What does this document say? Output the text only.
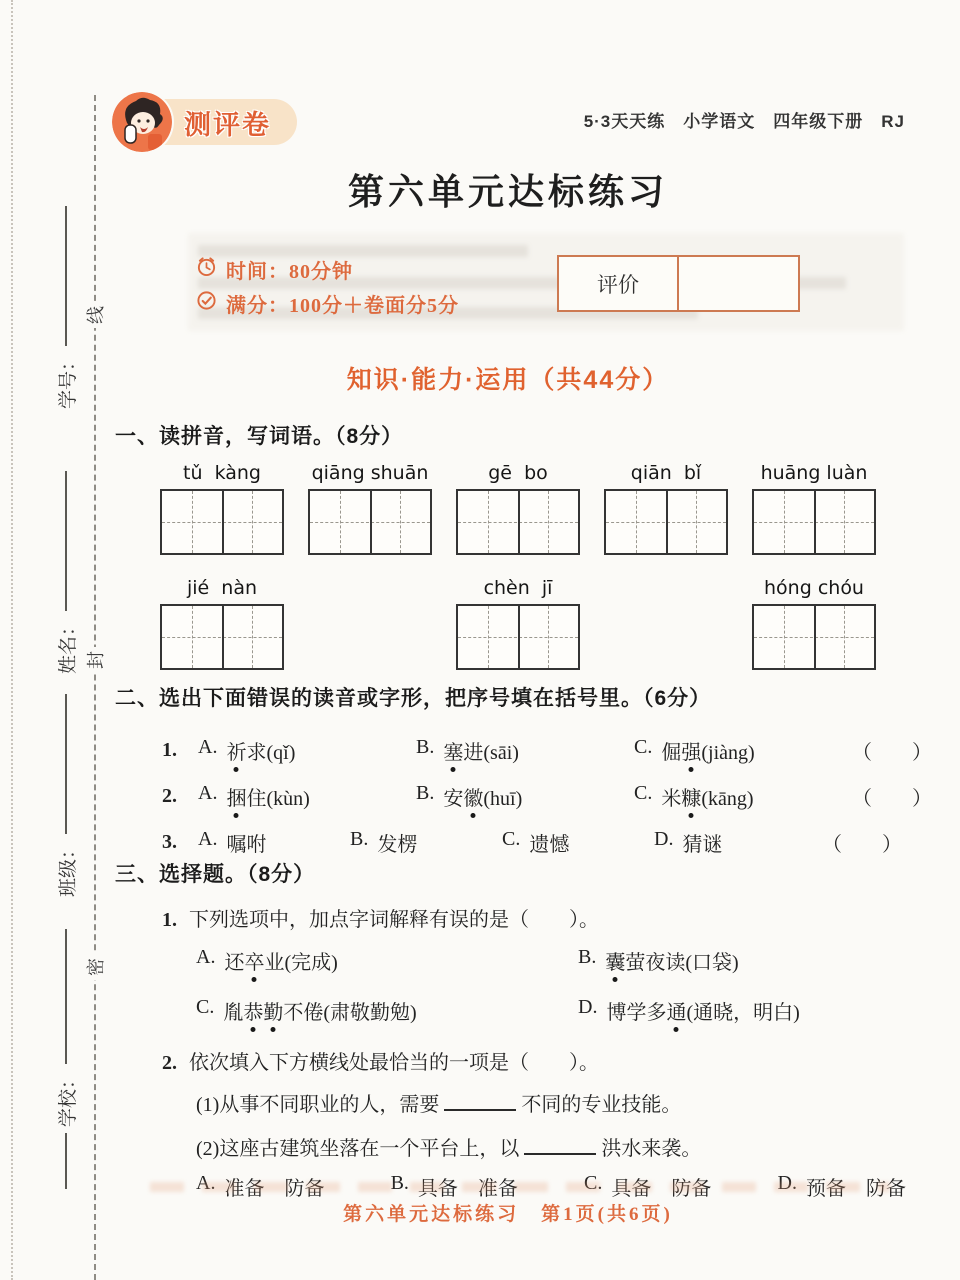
线
封
密
学号：
姓名：
班级：
学校：
测评卷	5·3天天练　小学语文　四年级下册　RJ
第六单元达标练习
时间：80分钟
满分：100分＋卷面分5分
评价
知识·能力·运用（共44分）
一、读拼音，写词语。（8分）
tǔ  kàng	qiāng shuān	gē  bo	qiān  bǐ	huāng luàn
jié  nàn	chèn  jī	hóng chóu
二、选出下面错误的读音或字形，把序号填在括号里。（6分）
1.	A. 祈求(qǐ)	B. 塞进(sāi)	C. 倔强(jiàng)	（　　）
2.	A. 捆住(kùn)	B. 安徽(huī)	C. 米糠(kāng)	（　　）
3.	A. 嘱咐	B. 发楞	C. 遗憾	D. 猜谜	（　　）
三、选择题。（8分）
1. 下列选项中，加点字词解释有误的是（　　）。
A. 还卒业(完成)	B. 囊萤夜读(口袋)
C. 胤恭勤不倦(肃敬勤勉)	D. 博学多通(通晓，明白)
2. 依次填入下方横线处最恰当的一项是（　　）。
(1)从事不同职业的人，需要	不同的专业技能。
(2)这座古建筑坐落在一个平台上，以	洪水来袭。
A. 准备　防备	B. 具备　准备	C. 具备　防备	D. 预备　防备
第六单元达标练习　第1页(共6页)
